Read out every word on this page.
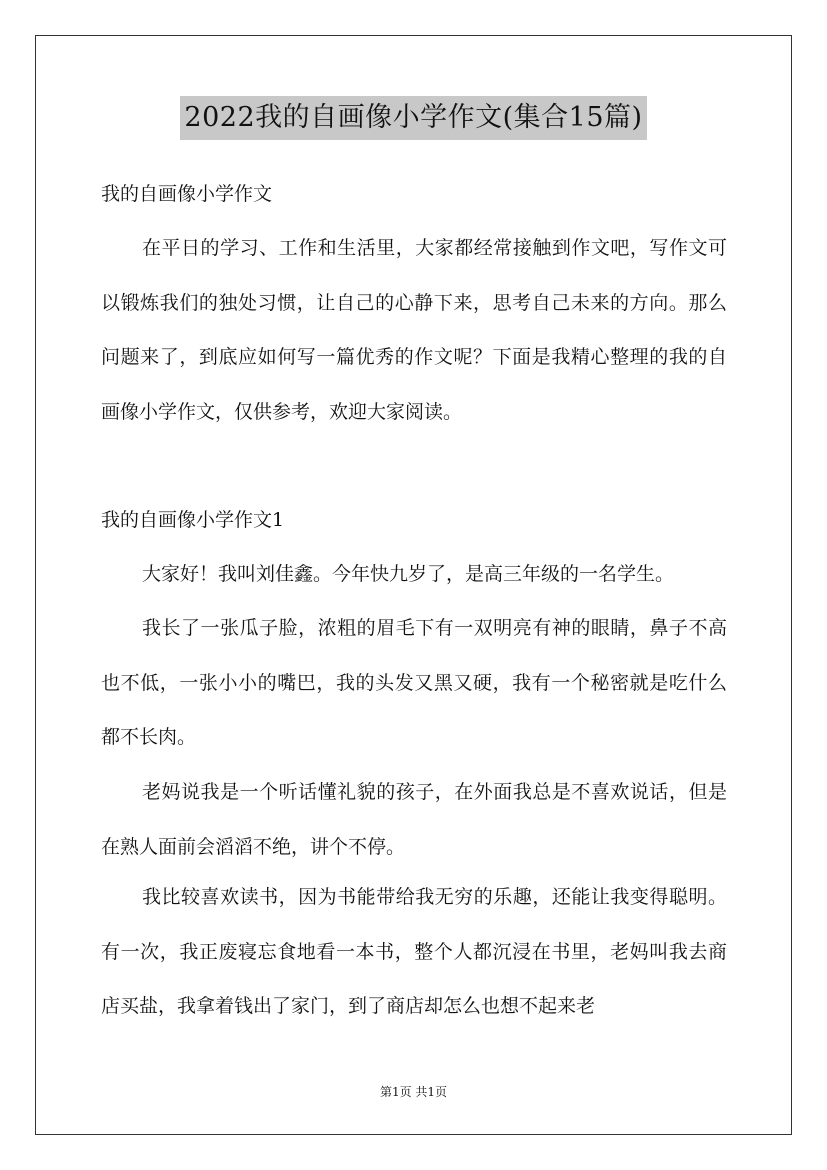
2022我的自画像小学作文(集合15篇)
我的自画像小学作文
在平日的学习、工作和生活里，大家都经常接触到作文吧，写作文可以锻炼我们的独处习惯，让自己的心静下来，思考自己未来的方向。那么问题来了，到底应如何写一篇优秀的作文呢？下面是我精心整理的我的自画像小学作文，仅供参考，欢迎大家阅读。
我的自画像小学作文1
大家好！我叫刘佳鑫。今年快九岁了，是高三年级的一名学生。
我长了一张瓜子脸，浓粗的眉毛下有一双明亮有神的眼睛，鼻子不高也不低，一张小小的嘴巴，我的头发又黑又硬，我有一个秘密就是吃什么都不长肉。
老妈说我是一个听话懂礼貌的孩子，在外面我总是不喜欢说话，但是在熟人面前会滔滔不绝，讲个不停。
我比较喜欢读书，因为书能带给我无穷的乐趣，还能让我变得聪明。有一次，我正废寝忘食地看一本书，整个人都沉浸在书里，老妈叫我去商店买盐，我拿着钱出了家门，到了商店却怎么也想不起来老
第1页 共1页
